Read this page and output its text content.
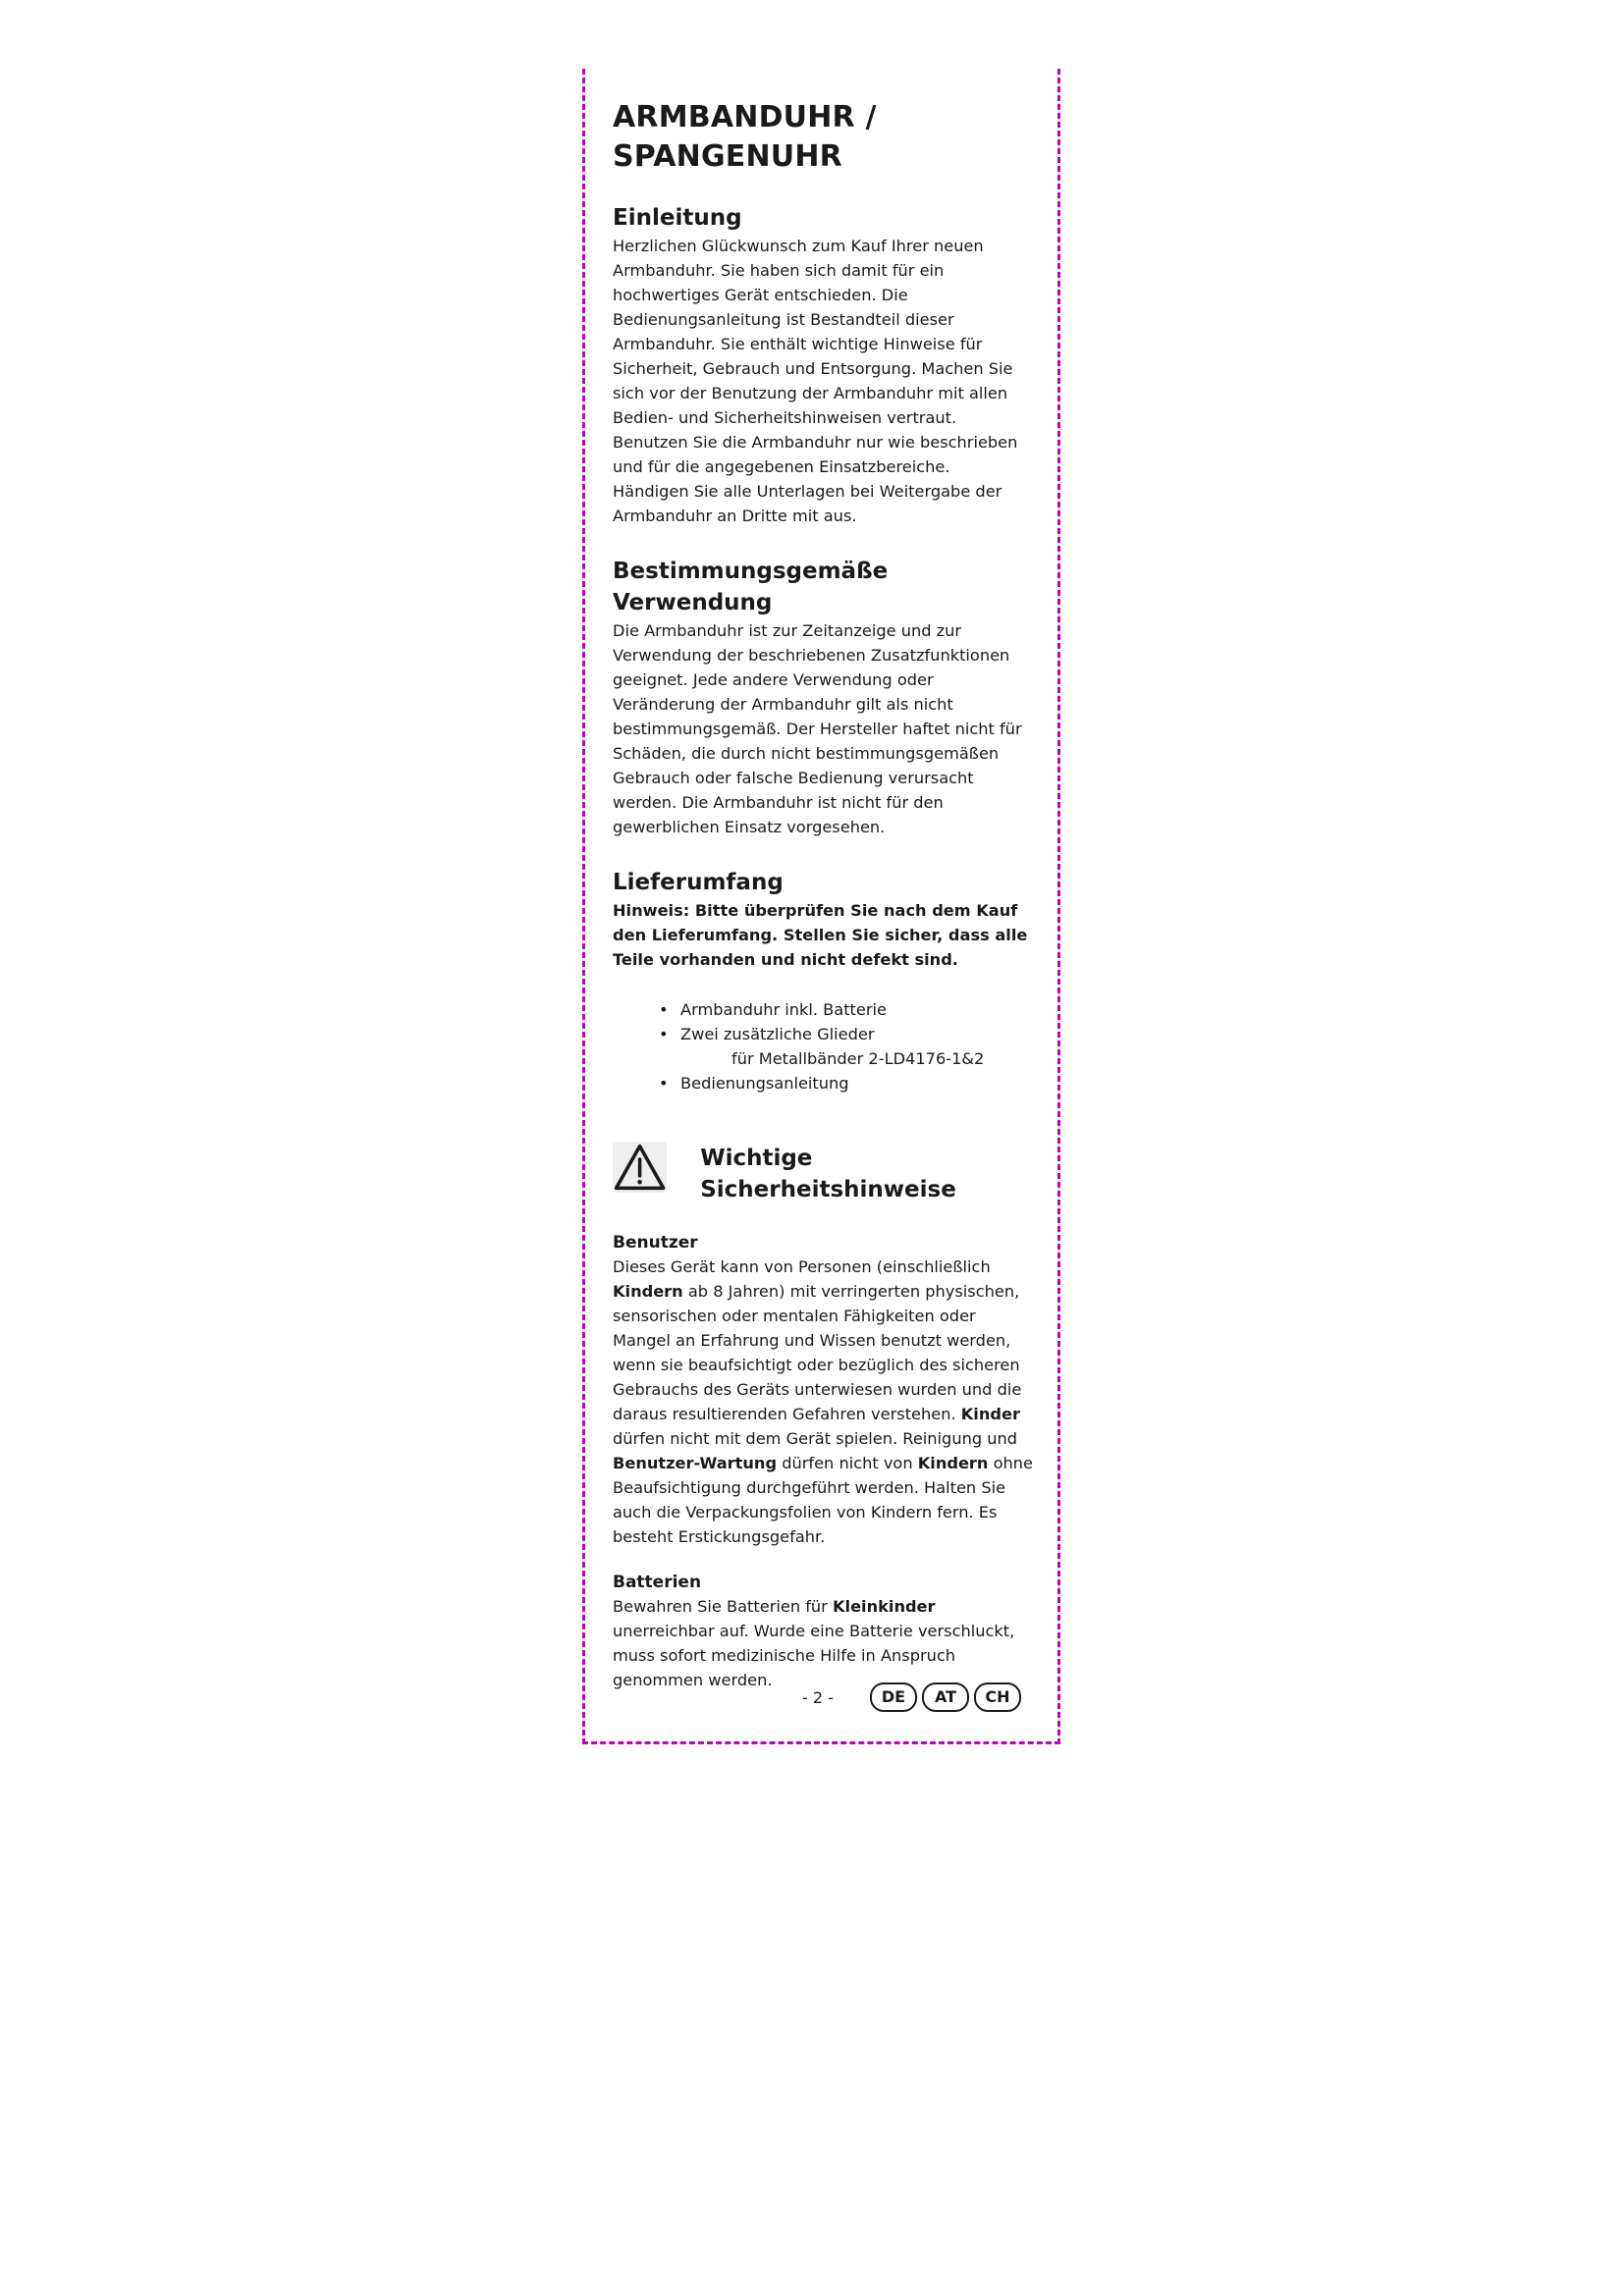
ARMBANDUHR / SPANGENUHR
Einleitung

Herzlichen Glückwunsch zum Kauf Ihrer neuen Armbanduhr. Sie haben sich damit für ein hochwertiges Gerät entschieden. Die Bedienungsanleitung ist Bestandteil dieser Armbanduhr. Sie enthält wichtige Hinweise für Sicherheit, Gebrauch und Entsorgung. Machen Sie sich vor der Benutzung der Armbanduhr mit allen Bedien- und Sicherheitshinweisen vertraut. Benutzen Sie die Armbanduhr nur wie beschrieben und für die angegebenen Einsatzbereiche.

Händigen Sie alle Unterlagen bei Weitergabe der Armbanduhr an Dritte mit aus.

Bestimmungsgemäße Verwendung

Die Armbanduhr ist zur Zeitanzeige und zur Verwendung der beschriebenen Zusatzfunktionen geeignet. Jede andere Verwendung oder Veränderung der Armbanduhr gilt als nicht bestimmungsgemäß. Der Hersteller haftet nicht für Schäden, die durch nicht bestimmungsgemäßen Gebrauch oder falsche Bedienung verursacht werden. Die Armbanduhr ist nicht für den gewerblichen Einsatz vorgesehen.

Lieferumfang

Hinweis: Bitte überprüfen Sie nach dem Kauf den Lieferumfang. Stellen Sie sicher, dass alle Teile vorhanden und nicht defekt sind.

• Armbanduhr inkl. Batterie
• Zwei zusätzliche Glieder
für Metallbänder 2-LD4176-1&2
• Bedienungsanleitung
Wichtige Sicherheitshinweise
Benutzer

Dieses Gerät kann von Personen (einschließlich Kindern ab 8 Jahren) mit verringerten physischen, sensorischen oder mentalen Fähigkeiten oder Mangel an Erfahrung und Wissen benutzt werden, wenn sie beaufsichtigt oder bezüglich des sicheren Gebrauchs des Geräts unterwiesen wurden und die daraus resultierenden Gefahren verstehen. Kinder dürfen nicht mit dem Gerät spielen. Reinigung und Benutzer-Wartung dürfen nicht von Kindern ohne Beaufsichtigung durchgeführt werden. Halten Sie auch die Verpackungsfolien von Kindern fern. Es besteht Erstickungsgefahr.

Batterien

Bewahren Sie Batterien für Kleinkinder unerreichbar auf. Wurde eine Batterie verschluckt, muss sofort medizinische Hilfe in Anspruch genommen werden.

- 2 -	DE	AT	CH
